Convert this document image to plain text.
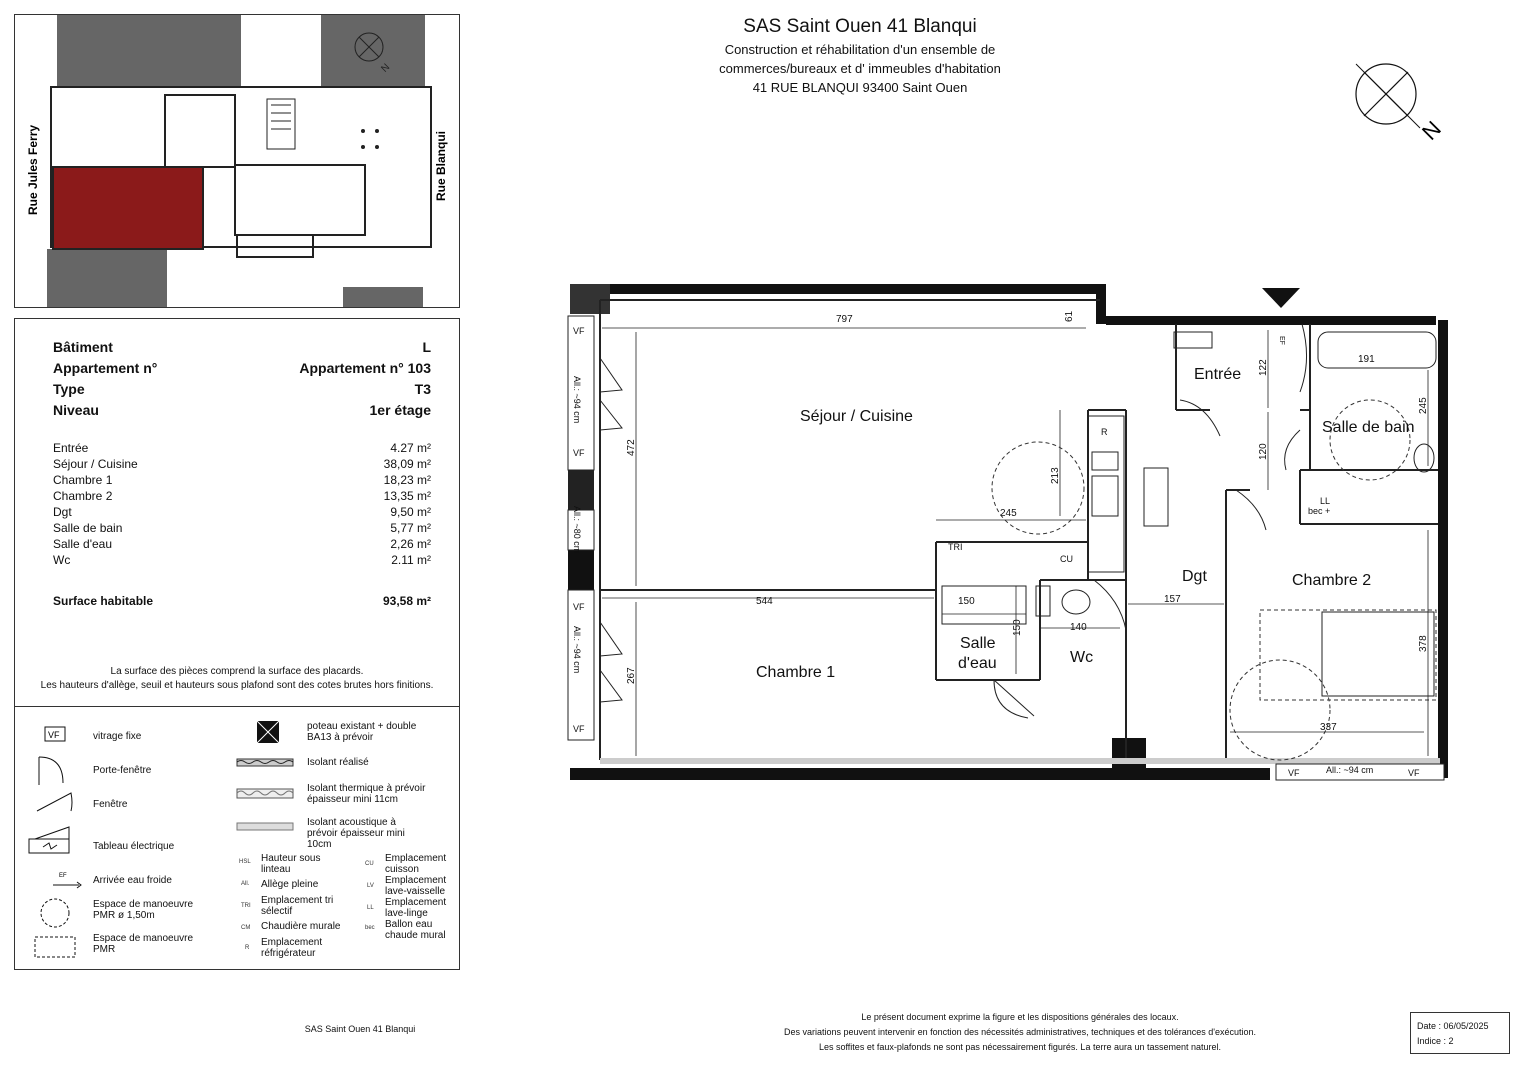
SAS Saint Ouen 41 Blanqui
Construction et réhabilitation d'un ensemble de
commerces/bureaux et d' immeubles d'habitation
41 RUE BLANQUI 93400 Saint Ouen
N
N
Rue Jules Ferry	Rue Blanqui
Bâtiment	L
Appartement n°	Appartement n° 103
Type	T3
Niveau	1er étage
Entrée	4.27 m²
Séjour / Cuisine	38,09 m²
Chambre 1	18,23 m²
Chambre 2	13,35 m²
Dgt	9,50 m²
Salle de bain	5,77 m²
Salle d'eau	2,26 m²
Wc	2.11 m²
Surface habitable	93,58 m²
La surface des pièces comprend la surface des placards.
Les hauteurs d'allège, seuil et hauteurs sous plafond sont des cotes brutes hors finitions.
VF
EF
vitrage fixe
Porte-fenêtre
Fenêtre
Tableau électrique
Arrivée eau froide
Espace de manoeuvre PMR ø 1,50m
Espace de manoeuvre PMR
poteau existant + double BA13 à prévoir
Isolant réalisé
Isolant thermique à prévoir épaisseur mini 11cm
Isolant acoustique à prévoir épaisseur mini 10cm
HSL Hauteur sous linteau
All. Allège pleine
TRI Emplacement tri sélectif
CM Chaudière murale
R Emplacement réfrigérateur
CU Emplacement cuisson
LV Emplacement lave-vaisselle
LL Emplacement lave-linge
bec Ballon eau chaude mural
797	61
472
213
245
544
267
157
150
150	140
122
120
191
245
378
337
VF
VF
VF
VF
VF	VF
All.: ~94 cm
All.: ~80 cm
All.: ~94 cm
All.: ~94 cm
R
TRI
CU
LL
bec +
EF
Séjour / Cuisine
Entrée
Salle de bain
Dgt	Chambre 2
Chambre 1
Salle
d'eau	Wc
SAS Saint Ouen 41 Blanqui
Le présent document exprime la figure et les dispositions générales des locaux.
Des variations peuvent intervenir en fonction des nécessités administratives, techniques et des tolérances d'exécution.
Les soffites et faux-plafonds ne sont pas nécessairement figurés. La terre aura un tassement naturel.
Date : 06/05/2025
Indice : 2
